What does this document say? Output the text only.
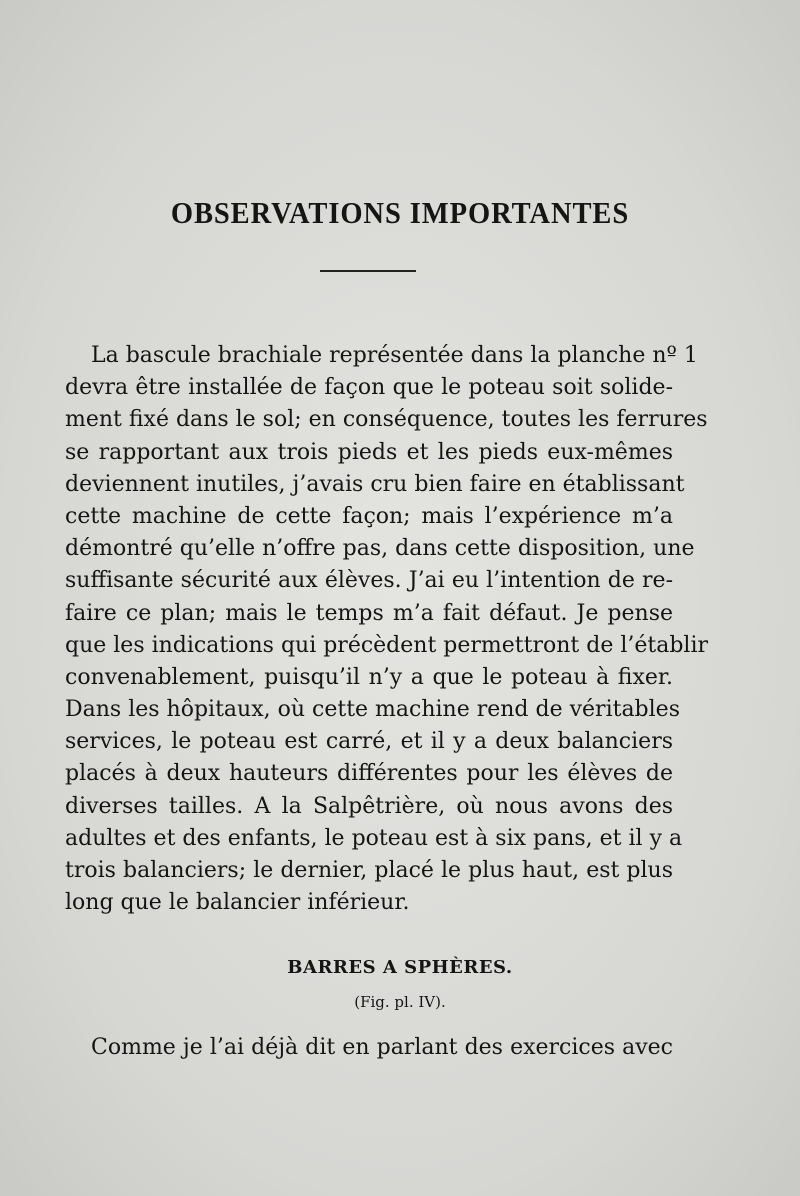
OBSERVATIONS IMPORTANTES
La bascule brachiale représentée dans la planche nº 1
devra être installée de façon que le poteau soit solide-
ment fixé dans le sol; en conséquence, toutes les ferrures
se rapportant aux trois pieds et les pieds eux-mêmes
deviennent inutiles, j’avais cru bien faire en établissant
cette machine de cette façon; mais l’expérience m’a
démontré qu’elle n’offre pas, dans cette disposition, une
suffisante sécurité aux élèves. J’ai eu l’intention de re-
faire ce plan; mais le temps m’a fait défaut. Je pense
que les indications qui précèdent permettront de l’établir
convenablement, puisqu’il n’y a que le poteau à fixer.
Dans les hôpitaux, où cette machine rend de véritables
services, le poteau est carré, et il y a deux balanciers
placés à deux hauteurs différentes pour les élèves de
diverses tailles. A la Salpêtrière, où nous avons des
adultes et des enfants, le poteau est à six pans, et il y a
trois balanciers; le dernier, placé le plus haut, est plus
long que le balancier inférieur.
BARRES A SPHÈRES.
(Fig. pl. IV).
Comme je l’ai déjà dit en parlant des exercices avec
